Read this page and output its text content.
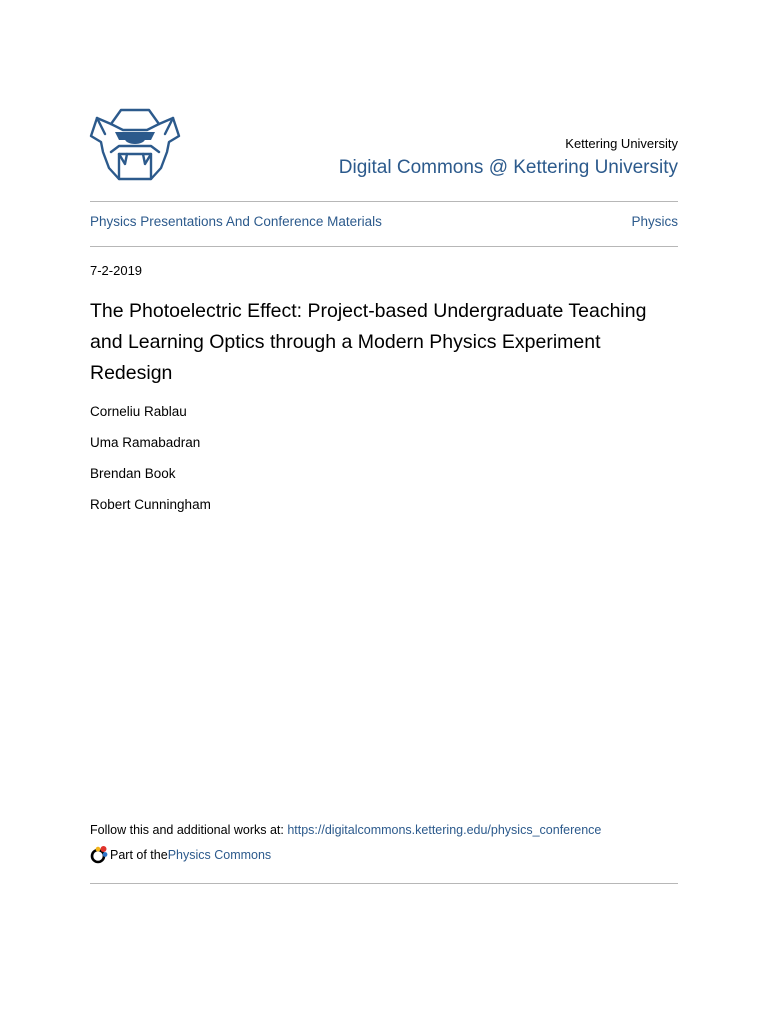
Kettering University
Digital Commons @ Kettering University
Physics Presentations And Conference Materials	Physics
7-2-2019
The Photoelectric Effect: Project-based Undergraduate Teaching and Learning Optics through a Modern Physics Experiment Redesign
Corneliu Rablau
Uma Ramabadran
Brendan Book
Robert Cunningham
Follow this and additional works at: https://digitalcommons.kettering.edu/physics_conference
Part of the Physics Commons
